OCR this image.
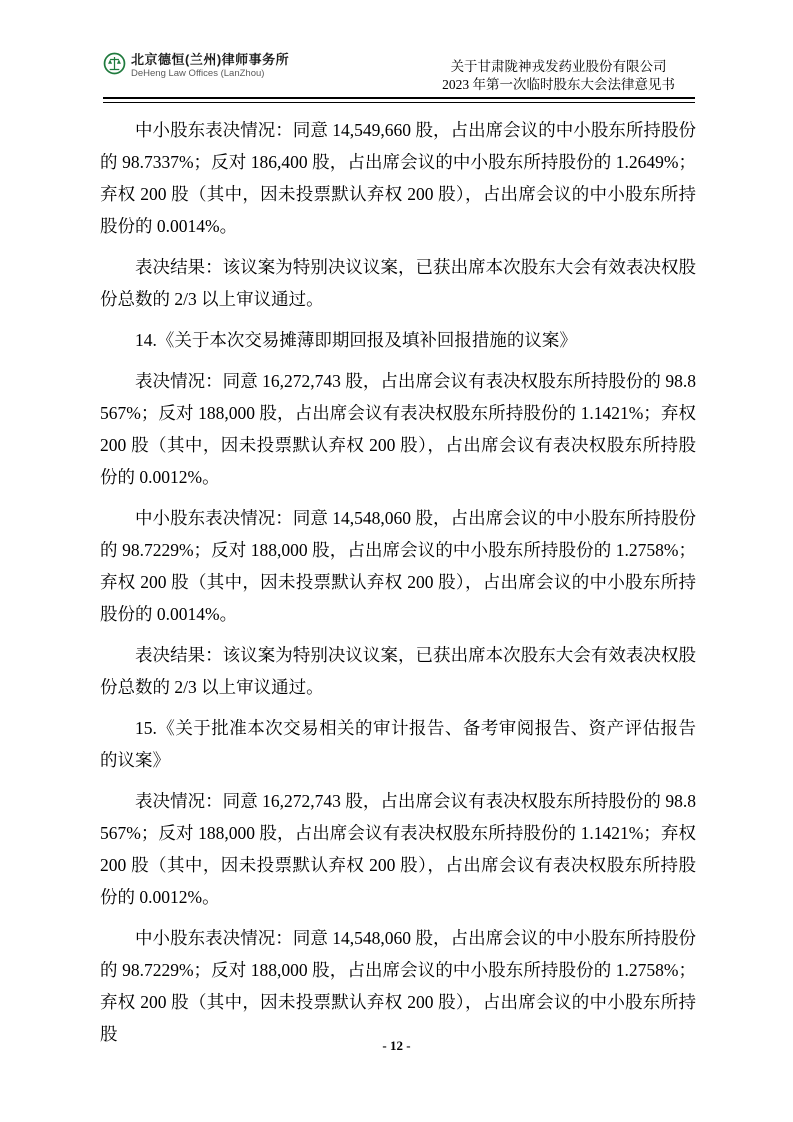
北京德恒(兰州)律师事务所
DeHeng Law Offices (LanZhou)	关于甘肃陇神戎发药业股份有限公司
2023 年第一次临时股东大会法律意见书

中小股东表决情况：同意 14,549,660 股，占出席会议的中小股东所持股份的 98.7337%；反对 186,400 股，占出席会议的中小股东所持股份的 1.2649%；弃权 200 股（其中，因未投票默认弃权 200 股），占出席会议的中小股东所持股份的 0.0014%。

表决结果：该议案为特别决议议案，已获出席本次股东大会有效表决权股份总数的 2/3 以上审议通过。

14.《关于本次交易摊薄即期回报及填补回报措施的议案》

表决情况：同意 16,272,743 股，占出席会议有表决权股东所持股份的 98.8567%；反对 188,000 股，占出席会议有表决权股东所持股份的 1.1421%；弃权 200 股（其中，因未投票默认弃权 200 股），占出席会议有表决权股东所持股份的 0.0012%。

中小股东表决情况：同意 14,548,060 股，占出席会议的中小股东所持股份的 98.7229%；反对 188,000 股，占出席会议的中小股东所持股份的 1.2758%；弃权 200 股（其中，因未投票默认弃权 200 股），占出席会议的中小股东所持股份的 0.0014%。

表决结果：该议案为特别决议议案，已获出席本次股东大会有效表决权股份总数的 2/3 以上审议通过。

15.《关于批准本次交易相关的审计报告、备考审阅报告、资产评估报告的议案》

表决情况：同意 16,272,743 股，占出席会议有表决权股东所持股份的 98.8567%；反对 188,000 股，占出席会议有表决权股东所持股份的 1.1421%；弃权 200 股（其中，因未投票默认弃权 200 股），占出席会议有表决权股东所持股份的 0.0012%。

中小股东表决情况：同意 14,548,060 股，占出席会议的中小股东所持股份的 98.7229%；反对 188,000 股，占出席会议的中小股东所持股份的 1.2758%；弃权 200 股（其中，因未投票默认弃权 200 股），占出席会议的中小股东所持股

- 12 -
